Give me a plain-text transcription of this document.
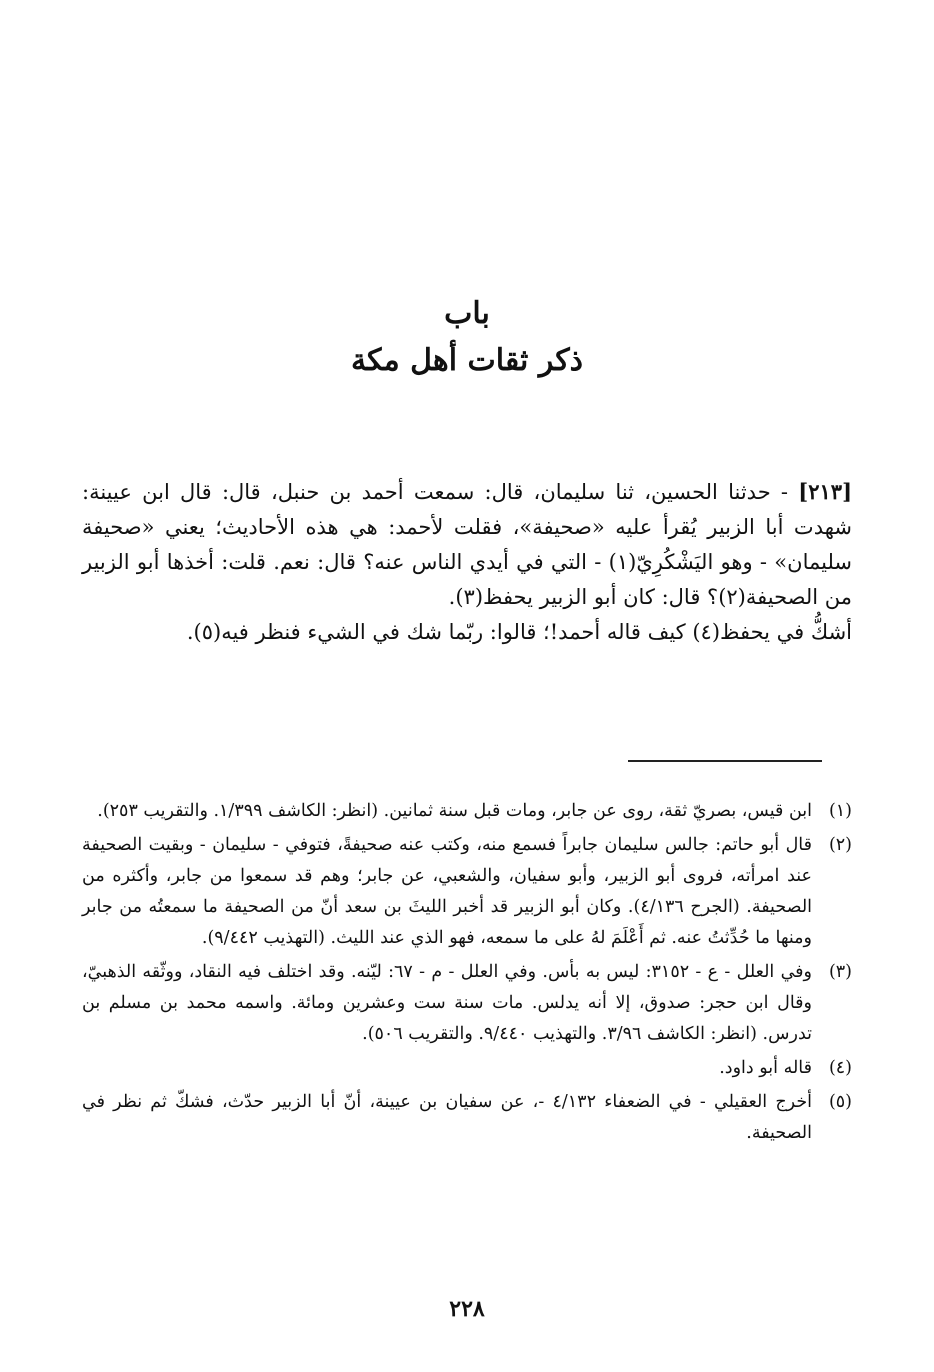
باب
ذكر ثقات أهل مكة

[٢١٣] - حدثنا الحسين، ثنا سليمان، قال: سمعت أحمد بن حنبل، قال: قال ابن عيينة: شهدت أبا الزبير يُقرأ عليه «صحيفة»، فقلت لأحمد: هي هذه الأحاديث؛ يعني «صحيفة سليمان» - وهو اليَشْكُرِيّ(١) - التي في أيدي الناس عنه؟ قال: نعم. قلت: أخذها أبو الزبير من الصحيفة(٢)؟ قال: كان أبو الزبير يحفظ(٣).

أشكُّ في يحفظ(٤) كيف قاله أحمد!؛ قالوا: ربّما شك في الشيء فنظر فيه(٥).

(١)
ابن قيس، بصريّ ثقة، روى عن جابر، ومات قبل سنة ثمانين. (انظر: الكاشف ١/٣٩٩. والتقريب ٢٥٣).
(٢)
قال أبو حاتم: جالس سليمان جابراً فسمع منه، وكتب عنه صحيفةً، فتوفي - سليمان - وبقيت الصحيفة عند امرأته، فروى أبو الزبير، وأبو سفيان، والشعبي، عن جابر؛ وهم قد سمعوا من جابر، وأكثره من الصحيفة. (الجرح ٤/١٣٦). وكان أبو الزبير قد أخبر الليثَ بن سعد أنّ من الصحيفة ما سمعتُه من جابر ومنها ما حُدِّثتُ عنه. ثم أَعْلَمَ لهُ على ما سمعه، فهو الذي عند الليث. (التهذيب ٩/٤٤٢).
(٣)
وفي العلل - ع - ٣١٥٢: ليس به بأس. وفي العلل - م - ٦٧: ليّنه. وقد اختلف فيه النقاد، ووثّقه الذهبيّ، وقال ابن حجر: صدوق، إلا أنه يدلس. مات سنة ست وعشرين ومائة. واسمه محمد بن مسلم بن تدرس. (انظر: الكاشف ٣/٩٦. والتهذيب ٩/٤٤٠. والتقريب ٥٠٦).
(٤)
قاله أبو داود.
(٥)
أخرج العقيلي - في الضعفاء ٤/١٣٢ -، عن سفيان بن عيينة، أنّ أبا الزبير حدّث، فشكّ ثم نظر في الصحيفة.
٢٢٨
